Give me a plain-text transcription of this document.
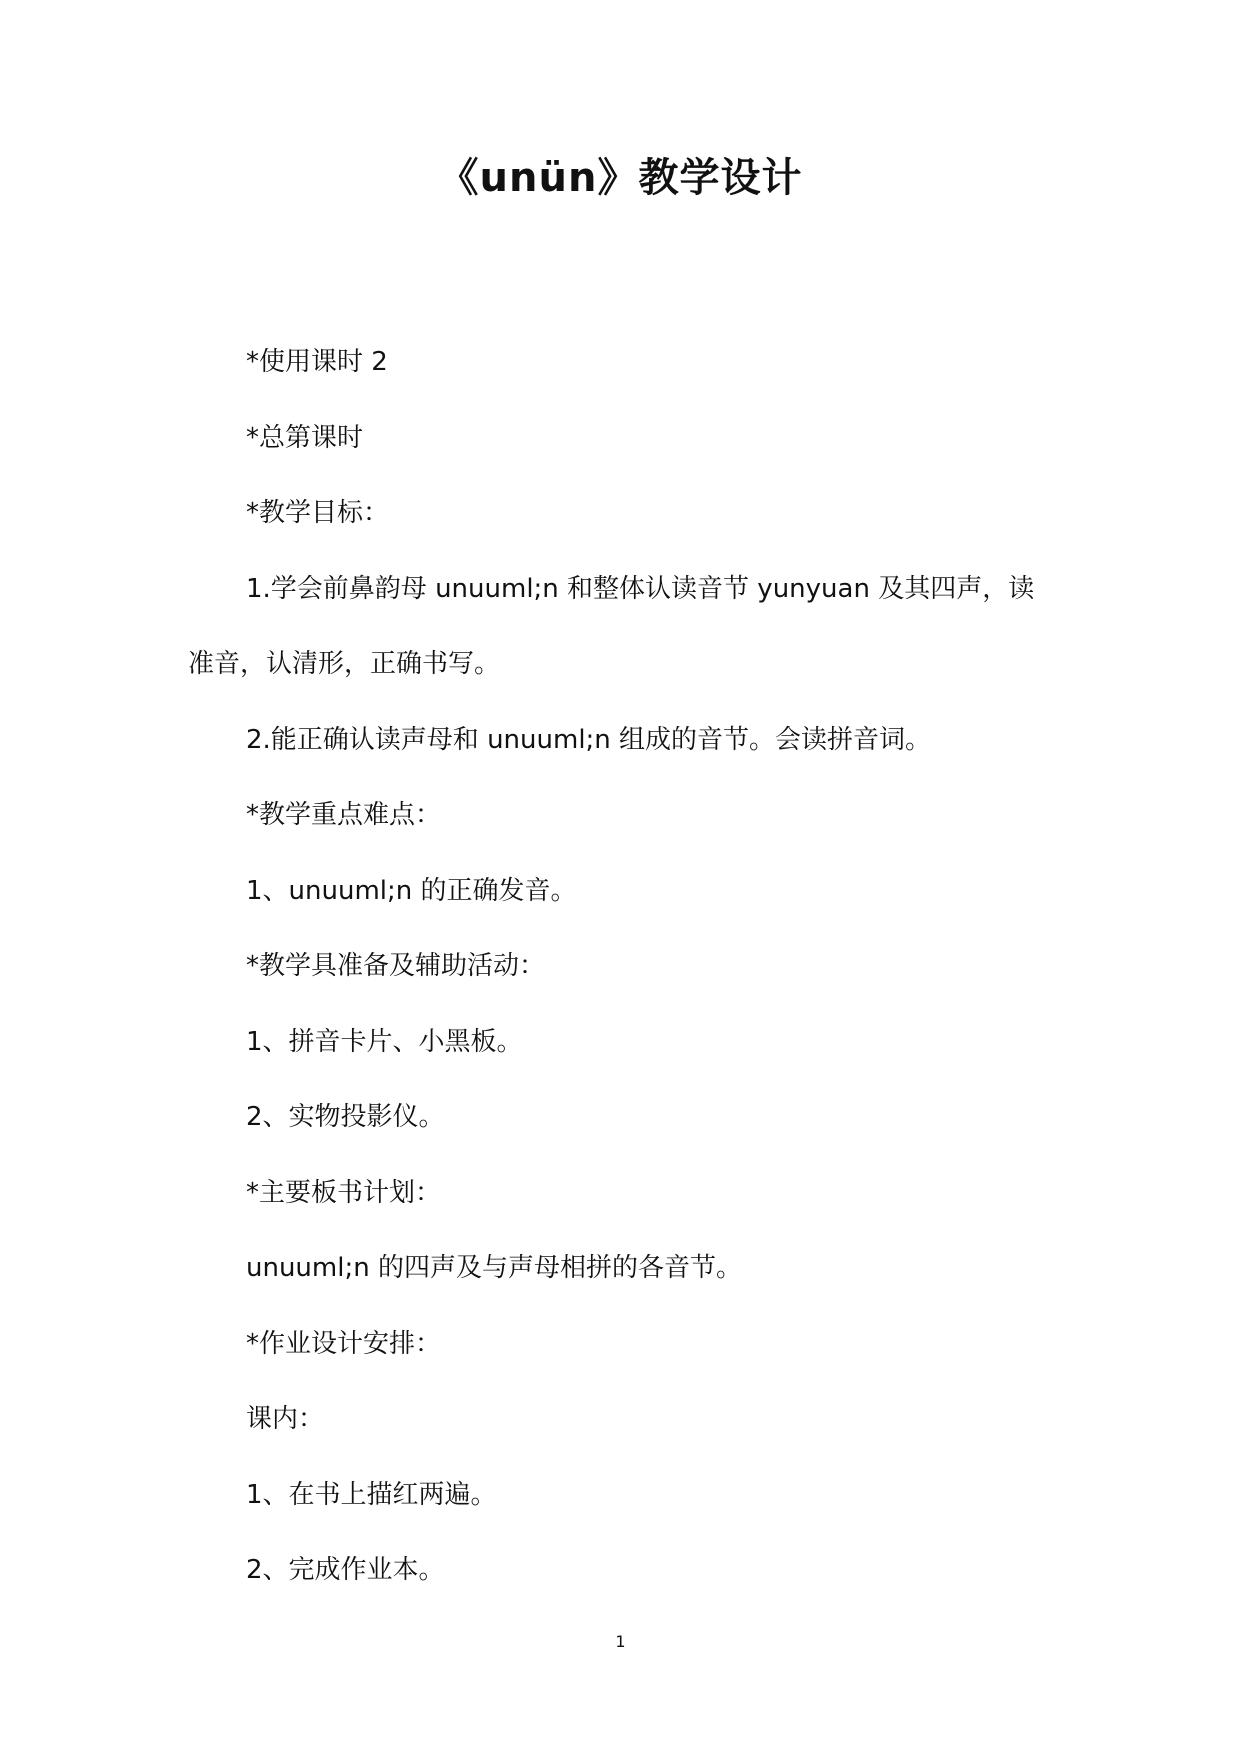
《unün》教学设计

*使用课时 2

*总第课时

*教学目标：

1.学会前鼻韵母 unuuml;n 和整体认读音节 yunyuan 及其四声，读准音，认清形，正确书写。

2.能正确认读声母和 unuuml;n 组成的音节。会读拼音词。

*教学重点难点：

1、unuuml;n 的正确发音。

*教学具准备及辅助活动：

1、拼音卡片、小黑板。

2、实物投影仪。

*主要板书计划：

unuuml;n 的四声及与声母相拼的各音节。

*作业设计安排：

课内：

1、在书上描红两遍。

2、完成作业本。

1
